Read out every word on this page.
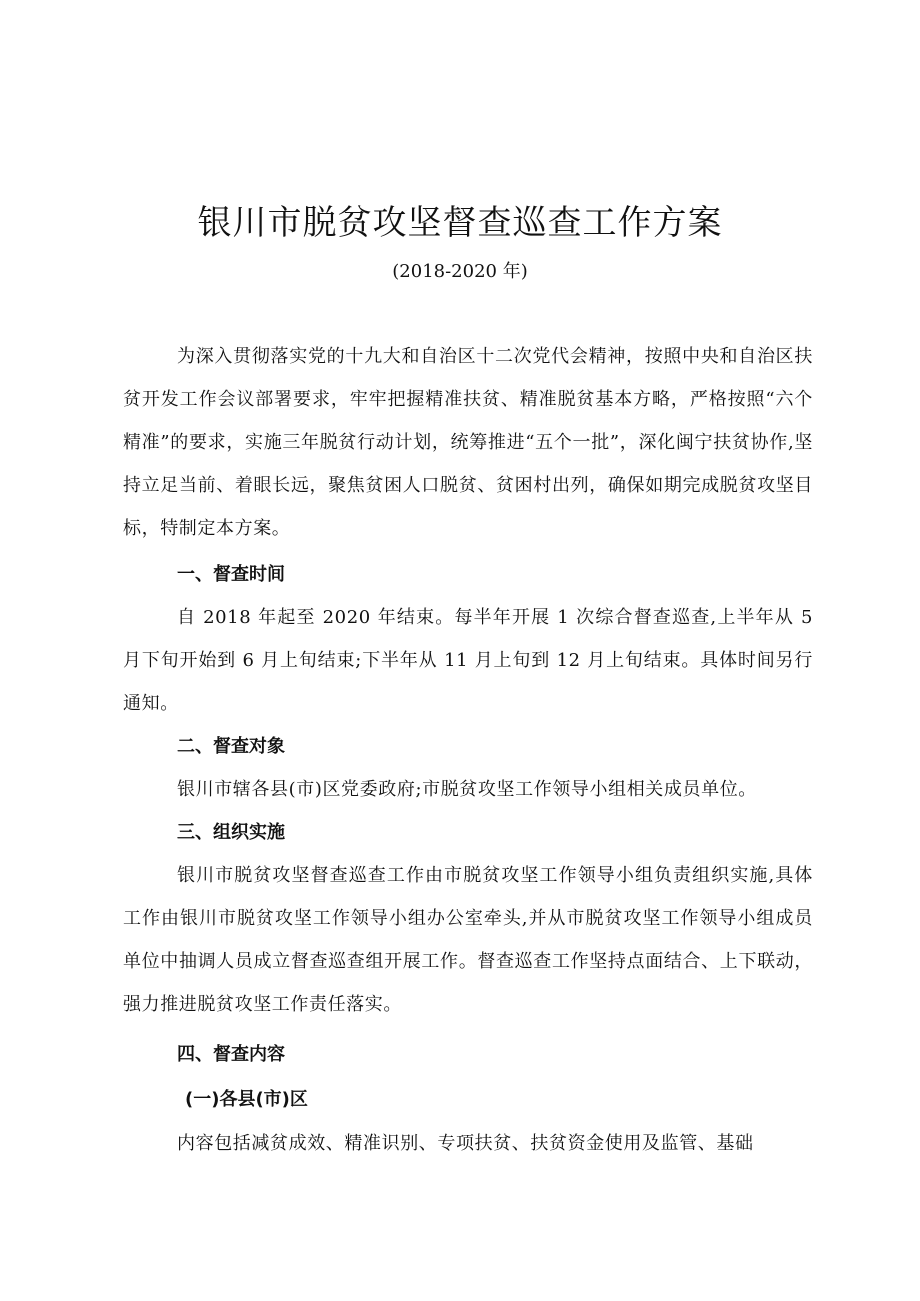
银川市脱贫攻坚督查巡查工作方案

(2018-2020 年)

为深入贯彻落实党的十九大和自治区十二次党代会精神，按照中央和自治区扶贫开发工作会议部署要求，牢牢把握精准扶贫、精准脱贫基本方略，严格按照“六个精准”的要求，实施三年脱贫行动计划，统筹推进“五个一批”，深化闽宁扶贫协作,坚持立足当前、着眼长远，聚焦贫困人口脱贫、贫困村出列，确保如期完成脱贫攻坚目标，特制定本方案。

一、督查时间

自 2018 年起至 2020 年结束。每半年开展 1 次综合督查巡查,上半年从 5 月下旬开始到 6 月上旬结束;下半年从 11 月上旬到 12 月上旬结束。具体时间另行通知。

二、督查对象

银川市辖各县(市)区党委政府;市脱贫攻坚工作领导小组相关成员单位。

三、组织实施

银川市脱贫攻坚督查巡查工作由市脱贫攻坚工作领导小组负责组织实施,具体工作由银川市脱贫攻坚工作领导小组办公室牵头,并从市脱贫攻坚工作领导小组成员单位中抽调人员成立督查巡查组开展工作。督查巡查工作坚持点面结合、上下联动，强力推进脱贫攻坚工作责任落实。

四、督查内容

(一)各县(市)区

内容包括减贫成效、精准识别、专项扶贫、扶贫资金使用及监管、基础
